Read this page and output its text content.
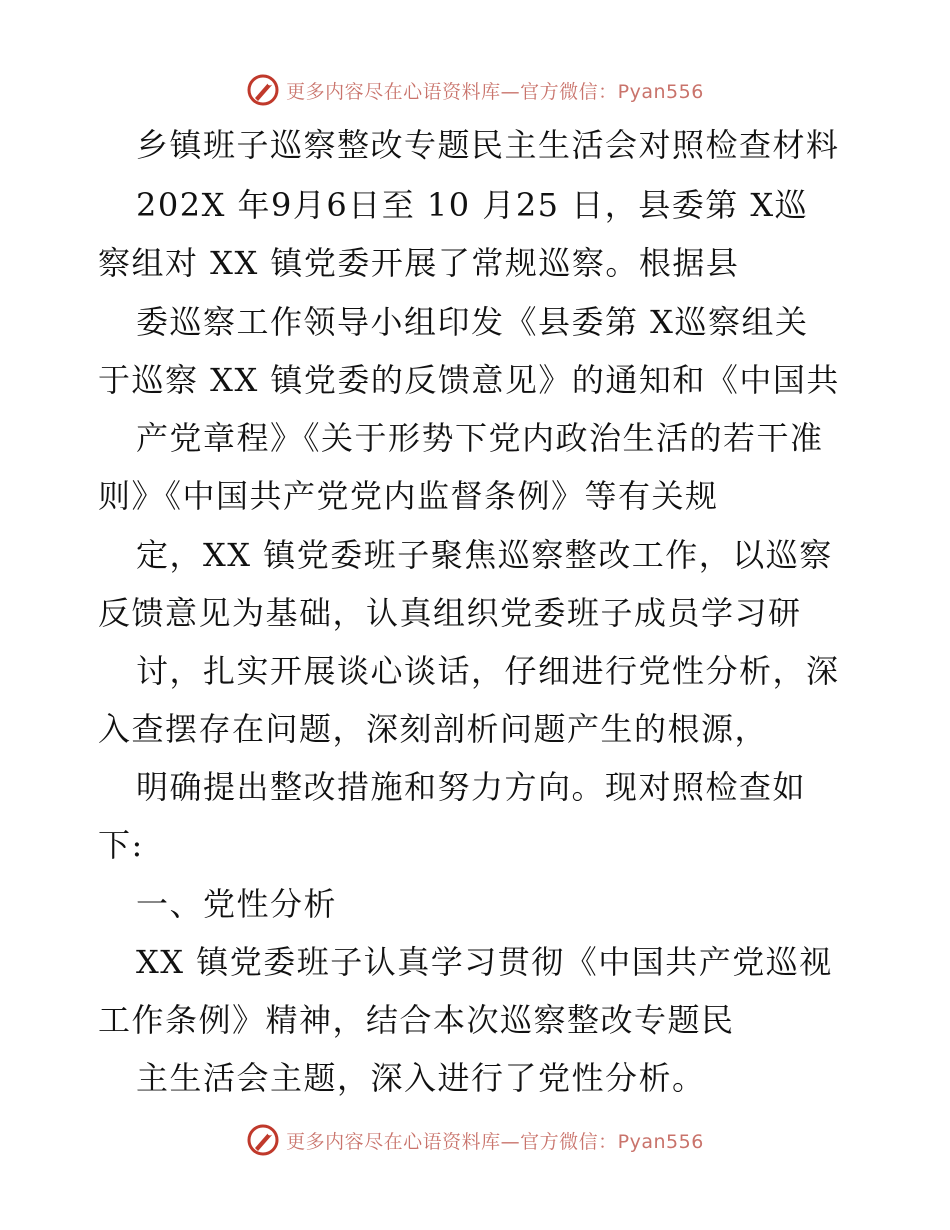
更多内容尽在心语资料库—官方微信：Pyan556
乡镇班子巡察整改专题民主生活会对照检查材料
202X 年9月6日至 10 月25 日，县委第 X巡
察组对 XX 镇党委开展了常规巡察。根据县
委巡察工作领导小组印发《县委第 X巡察组关
于巡察 XX 镇党委的反馈意见》的通知和《中国共
产党章程》《关于形势下党内政治生活的若干准
则》《中国共产党党内监督条例》等有关规
定，XX 镇党委班子聚焦巡察整改工作，以巡察
反馈意见为基础，认真组织党委班子成员学习研
讨，扎实开展谈心谈话，仔细进行党性分析，深
入查摆存在问题，深刻剖析问题产生的根源，
明确提出整改措施和努力方向。现对照检查如
下:
一、党性分析
XX 镇党委班子认真学习贯彻《中国共产党巡视
工作条例》精神，结合本次巡察整改专题民
主生活会主题，深入进行了党性分析。
更多内容尽在心语资料库—官方微信：Pyan556
